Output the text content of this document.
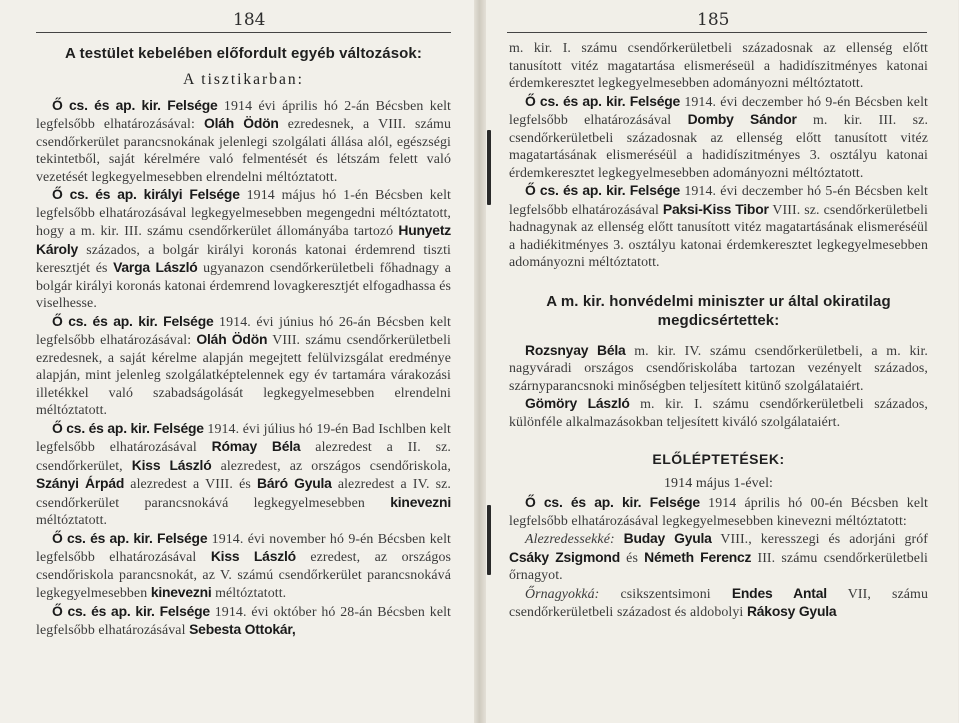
184
A testület kebelében előfordult egyéb változások:
A tisztikarban:

Ő cs. és ap. kir. Felsége 1914 évi április hó 2-án Bécsben kelt legfelsőbb elhatározásával: Oláh Ödön ezredesnek, a VIII. számu csendőrkerület parancsnokának jelenlegi szolgálati állása alól, egészségi tekintetből, saját kérelmére való felmentését és létszám felett való vezetését legkegyelmesebben elrendelni méltóztatott.

Ő cs. és ap. királyi Felsége 1914 május hó 1-én Bécsben kelt legfelsőbb elhatározásával legkegyelmesebben megengedni méltóztatott, hogy a m. kir. III. számu csendőrkerület állományába tartozó Hunyetz Károly százados, a bolgár királyi koronás katonai érdemrend tiszti keresztjét és Varga László ugyanazon csendőrkerületbeli főhadnagy a bolgár királyi koronás katonai érdemrend lovagkeresztjét elfogadhassa és viselhesse.

Ő cs. és ap. kir. Felsége 1914. évi június hó 26-án Bécsben kelt legfelsőbb elhatározásával: Oláh Ödön VIII. számu csendőrkerületbeli ezredesnek, a saját kérelme alapján megejtett felülvizsgálat eredménye alapján, mint jelenleg szolgálatképtelennek egy év tartamára várakozási illetékkel való szabadságolását legkegyelmesebben elrendelni méltóztatott.

Ő cs. és ap. kir. Felsége 1914. évi július hó 19-én Bad Ischlben kelt legfelsőbb elhatározásával Rómay Béla alezredest a II. sz. csendőrkerület, Kiss László alezredest, az országos csendőriskola, Szányi Árpád alezredest a VIII. és Báró Gyula alezredest a IV. sz. csendőrkerület parancsnokává legkegyelmesebben kinevezni méltóztatott.

Ő cs. és ap. kir. Felsége 1914. évi november hó 9-én Bécsben kelt legfelsőbb elhatározásával Kiss László ezredest, az országos csendőriskola parancsnokát, az V. számú csendőrkerület parancsnokává legkegyelmesebben kinevezni méltóztatott.

Ő cs. és ap. kir. Felsége 1914. évi október hó 28-án Bécsben kelt legfelsőbb elhatározásával Sebesta Ottokár,

185

m. kir. I. számu csendőrkerületbeli századosnak az ellenség előtt tanusított vitéz magatartása elismeréseül a hadidíszitményes katonai érdemkeresztet legkegyelmesebben adományozni méltóztatott.

Ő cs. és ap. kir. Felsége 1914. évi deczember hó 9-én Bécsben kelt legfelsőbb elhatározásával Domby Sándor m. kir. III. sz. csendőrkerületbeli századosnak az ellenség előtt tanusított vitéz magatartásának elismeréséül a hadidíszitményes 3. osztályu katonai érdemkeresztet legkegyelmesebben adományozni méltóztatott.

Ő cs. és ap. kir. Felsége 1914. évi deczember hó 5-én Bécsben kelt legfelsőbb elhatározásával Paksi-Kiss Tibor VIII. sz. csendőrkerületbeli hadnagynak az ellenség előtt tanusított vitéz magatartásának elismeréséül a hadiékitményes 3. osztályu katonai érdemkeresztet legkegyelmesebben adományozni méltóztatott.

A m. kir. honvédelmi miniszter ur által okiratilag megdicsértettek:

Rozsnyay Béla m. kir. IV. számu csendőrkerületbeli, a m. kir. nagyváradi országos csendőriskolába tartozan vezényelt százados, szárnyparancsnoki minőségben teljesített kitünő szolgálataiért.

Gömöry László m. kir. I. számu csendőrkerületbeli százados, különféle alkalmazásokban teljesített kiváló szolgálataiért.

ELŐLÉPTETÉSEK:
1914 május 1-ével:

Ő cs. és ap. kir. Felsége 1914 április hó 00-én Bécsben kelt legfelsőbb elhatározásával legkegyelmesebben kinevezni méltóztatott:

Alezredessekké: Buday Gyula VIII., keresszegi és adorjáni gróf Csáky Zsigmond és Németh Ferencz III. számu csendőrkerületbeli őrnagyot.

Őrnagyokká: csikszentsimoni Endes Antal VII, számu csendőrkerületbeli századost és aldobolyi Rákosy Gyula
